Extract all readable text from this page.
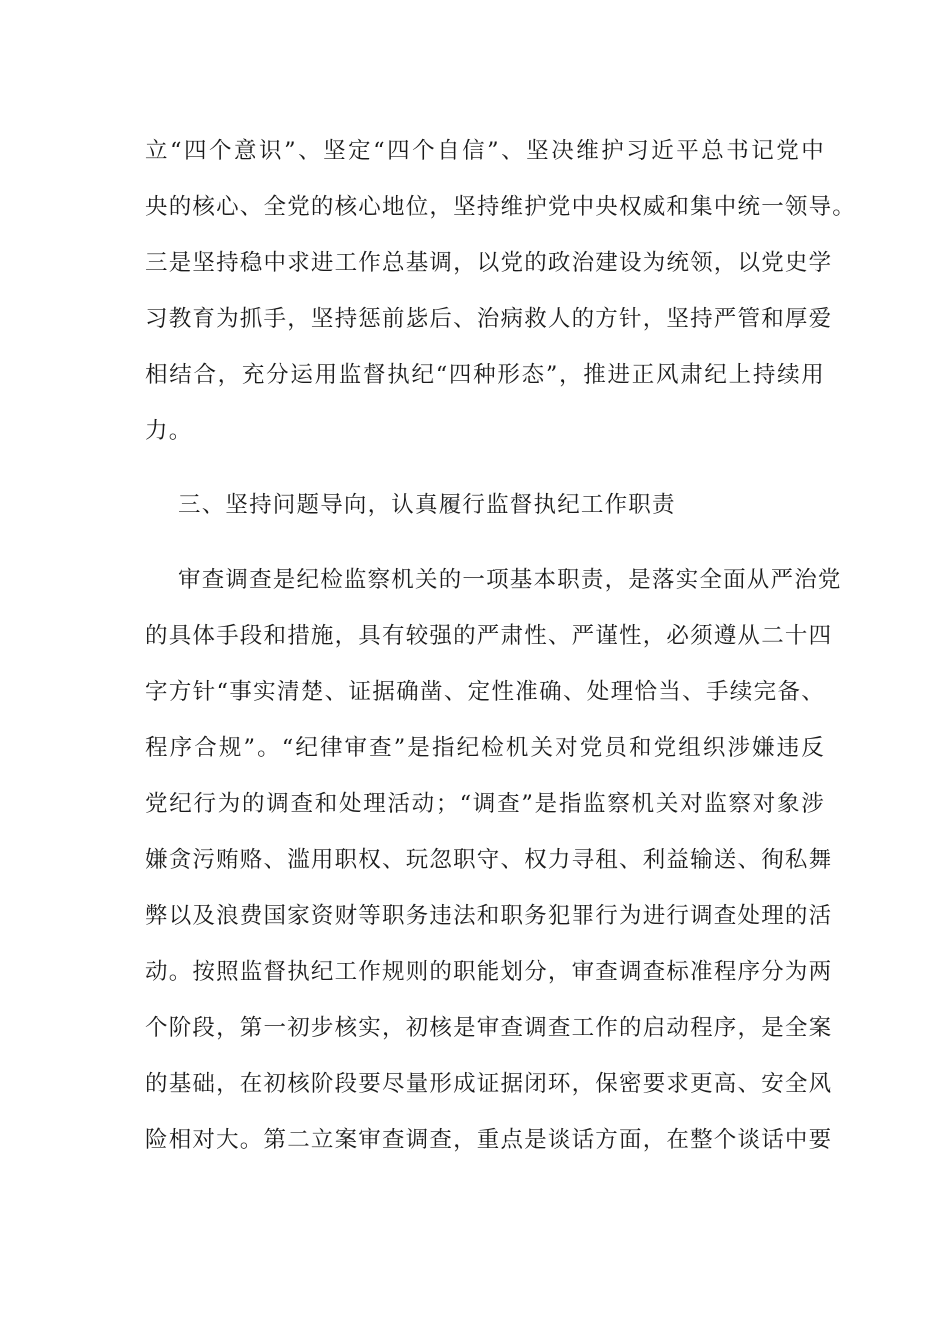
立“四个意识”、坚定“四个自信”、坚决维护习近平总书记党中
央的核心、全党的核心地位，坚持维护党中央权威和集中统一领导。
三是坚持稳中求进工作总基调，以党的政治建设为统领，以党史学
习教育为抓手，坚持惩前毖后、治病救人的方针，坚持严管和厚爱
相结合，充分运用监督执纪“四种形态”，推进正风肃纪上持续用
力。
三、坚持问题导向，认真履行监督执纪工作职责
审查调查是纪检监察机关的一项基本职责，是落实全面从严治党
的具体手段和措施，具有较强的严肃性、严谨性，必须遵从二十四
字方针“事实清楚、证据确凿、定性准确、处理恰当、手续完备、
程序合规”。“纪律审查”是指纪检机关对党员和党组织涉嫌违反
党纪行为的调查和处理活动；“调查”是指监察机关对监察对象涉
嫌贪污贿赂、滥用职权、玩忽职守、权力寻租、利益输送、徇私舞
弊以及浪费国家资财等职务违法和职务犯罪行为进行调查处理的活
动。按照监督执纪工作规则的职能划分，审查调查标准程序分为两
个阶段，第一初步核实，初核是审查调查工作的启动程序，是全案
的基础，在初核阶段要尽量形成证据闭环，保密要求更高、安全风
险相对大。第二立案审查调查，重点是谈话方面，在整个谈话中要
